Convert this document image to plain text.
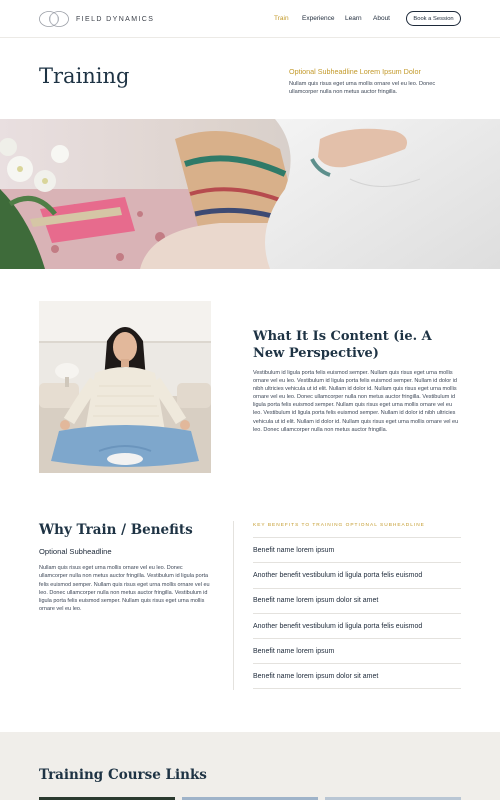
FIELD DYNAMICS	Train	Experience	Learn	About	Book a Session
Training	Optional Subheadline Lorem Ipsum Dolor

Nullam quis risus eget urna mollis ornare vel eu leo. Donec ullamcorper nulla non metus auctor fringilla.

What It Is Content (ie. A New Perspective)

Vestibulum id ligula porta felis euismod semper. Nullam quis risus eget urna mollis ornare vel eu leo. Vestibulum id ligula porta felis euismod semper. Nullam id dolor id nibh ultricies vehicula ut id elit. Nullam id dolor id. Nullam quis risus eget urna mollis ornare vel eu leo. Donec ullamcorper nulla non metus auctor fringilla. Vestibulum id ligula porta felis euismod semper. Nullam quis risus eget urna mollis ornare vel eu leo. Vestibulum id ligula porta felis euismod semper. Nullam id dolor id nibh ultricies vehicula ut id elit. Nullam id dolor id. Nullam quis risus eget urna mollis ornare vel eu leo. Donec ullamcorper nulla non metus auctor fringilla.

Why Train / Benefits
Optional Subheadline

Nullam quis risus eget urna mollis ornare vel eu leo. Donec ullamcorper nulla non metus auctor fringilla. Vestibulum id ligula porta felis euismod semper. Nullam quis risus eget urna mollis ornare vel eu leo. Donec ullamcorper nulla non metus auctor fringilla. Vestibulum id ligula porta felis euismod semper. Nullam quis risus eget urna mollis ornare vel eu leo.

KEY BENEFITS TO TRAINING OPTIONAL SUBHEADLINE
Benefit name lorem ipsum
Another benefit vestibulum id ligula porta felis euismod
Benefit name lorem ipsum dolor sit amet
Another benefit vestibulum id ligula porta felis euismod
Benefit name lorem ipsum
Benefit name lorem ipsum dolor sit amet
Training Course Links
